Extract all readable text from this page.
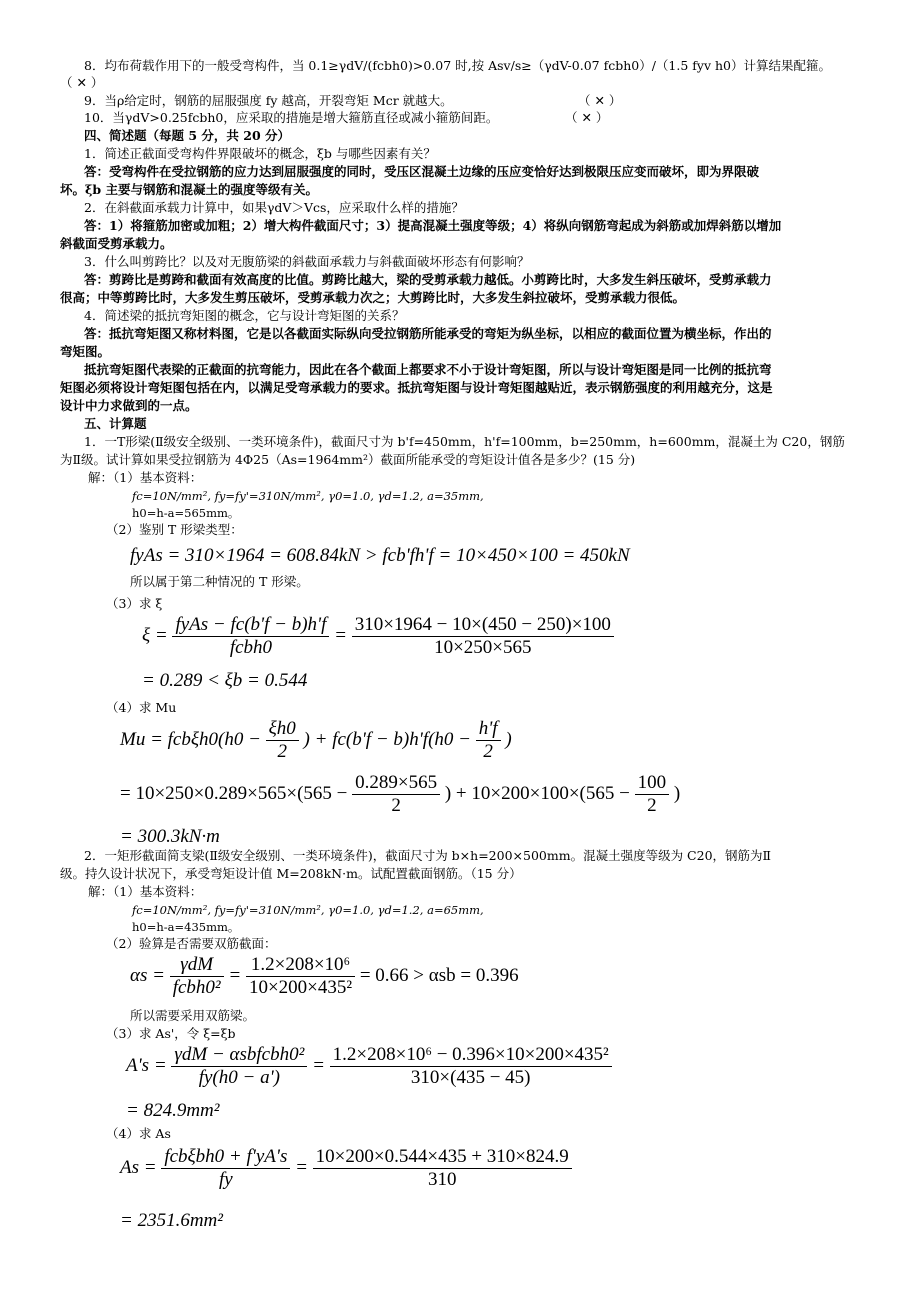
8．均布荷载作用下的一般受弯构件，当 0.1≥γdV/(fcbh0)>0.07 时,按 Asv/s≥（γdV-0.07 fcbh0）/（1.5 fyv h0）计算结果配箍。
（ ✕ ）
9．当ρ给定时，钢筋的屈服强度 fy 越高，开裂弯矩 Mcr 就越大。	（ ✕ ）
10．当γdV>0.25fcbh0，应采取的措施是增大箍筋直径或减小箍筋间距。	（ ✕ ）
四、简述题（每题 5 分，共 20 分）
1．简述正截面受弯构件界限破坏的概念，ξb 与哪些因素有关？
答：受弯构件在受拉钢筋的应力达到屈服强度的同时，受压区混凝土边缘的压应变恰好达到极限压应变而破坏，即为界限破
坏。ξb 主要与钢筋和混凝土的强度等级有关。
2．在斜截面承载力计算中，如果γdV＞Vcs，应采取什么样的措施？
答：1）将箍筋加密或加粗；2）增大构件截面尺寸；3）提高混凝土强度等级；4）将纵向钢筋弯起成为斜筋或加焊斜筋以增加
斜截面受剪承载力。
3．什么叫剪跨比？以及对无腹筋梁的斜截面承载力与斜截面破坏形态有何影响？
答：剪跨比是剪跨和截面有效高度的比值。剪跨比越大，梁的受剪承载力越低。小剪跨比时，大多发生斜压破坏，受剪承载力
很高；中等剪跨比时，大多发生剪压破坏，受剪承载力次之；大剪跨比时，大多发生斜拉破坏，受剪承载力很低。
4．简述梁的抵抗弯矩图的概念，它与设计弯矩图的关系？
答：抵抗弯矩图又称材料图，它是以各截面实际纵向受拉钢筋所能承受的弯矩为纵坐标，以相应的截面位置为横坐标，作出的
弯矩图。
抵抗弯矩图代表梁的正截面的抗弯能力，因此在各个截面上都要求不小于设计弯矩图，所以与设计弯矩图是同一比例的抵抗弯
矩图必须将设计弯矩图包括在内，以满足受弯承载力的要求。抵抗弯矩图与设计弯矩图越贴近，表示钢筋强度的利用越充分，这是
设计中力求做到的一点。
五、计算题
1．一T形梁(Ⅱ级安全级别、一类环境条件)，截面尺寸为 b'f=450mm，h'f=100mm，b=250mm，h=600mm，混凝土为 C20，钢筋
为Ⅱ级。试计算如果受拉钢筋为 4Φ25（As=1964mm²）截面所能承受的弯矩设计值各是多少？(15 分)
解：（1）基本资料：
fc=10N/mm², fy=fy'=310N/mm², γ0=1.0, γd=1.2, a=35mm,
h0=h-a=565mm。
（2）鉴别 T 形梁类型：
fyAs = 310×1964 = 608.84kN > fcb'fh'f = 10×450×100 = 450kN
所以属于第二种情况的 T 形梁。
（3）求 ξ
$\xi = \frac{\text{fyAs − fc(b'f − b)h'f}}{\text{fcbh0}} = \frac{310\times 1964 - 10\times(450 - 250)\times 100}{10\times 250\times 565}$
= 0.289 < ξb = 0.544
（4）求 Mu
$Mu = fcb\xi h0(h0 - \frac{\xi h0}{2}$ ) + $fc(b'f - b)h'f(h0 - \frac{h'f}{2}$ )
= $10\times 250\times 0.289\times 565\times(565 - \frac{0.289\times 565}{2}$ ) + $10\times 200\times 100\times(565 - \frac{100}{2}$ )
= 300.3kN·m
2．一矩形截面简支梁(Ⅱ级安全级别、一类环境条件)，截面尺寸为 b×h=200×500mm。混凝土强度等级为 C20，钢筋为Ⅱ
级。持久设计状况下，承受弯矩设计值 M=208kN·m。试配置截面钢筋。（15 分）
解：（1）基本资料：
fc=10N/mm², fy=fy'=310N/mm², γ0=1.0, γd=1.2, a=65mm,
h0=h-a=435mm。
（2）验算是否需要双筋截面：
$\alpha s = \frac{\text{γdM}}{\text{fcbh0²}} = \frac{\text{1.2×208×10⁶}}{\text{10×200×435²}} = 0.66 > \alpha sb = 0.396$
所以需要采用双筋梁。
（3）求 As'，令 ξ=ξb
$A's = \frac{\text{γdM − αsbfcbh0²}}{fy(h0 - a')} = \frac{\text{1.2×208×10⁶ − 0.396×10×200×435²}}{310\times(435 - 45)}$
= 824.9mm²
（4）求 As
$As = \frac{\text{fcbξbh0 + f'yA's}}{fy} = \frac{10\times 200\times 0.544\times 435 + 310\times 824.9}{310}$
= 2351.6mm²
